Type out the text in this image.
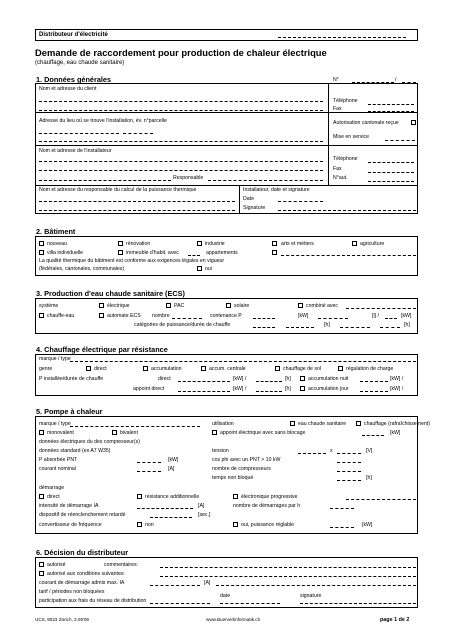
Distributeur d'électricité
Demande de raccordement pour production de chaleur électrique
(chauffage, eau chaude sanitaire)
1. Données générales	N°	/
Nom et adresse du client
Téléphone
Fax
Adresse du lieu où se trouve l'installation, év. n°parcelle	Autorisation cantonale reçue
Mise en service
Nom et adresse de l'installateur
Responsable
Téléphone
Fax
N°aut.
Nom et adresse du responsable du calcul de la puissance thermique	Installateur, date et signature
Date
Signature
2. Bâtiment
nouveau	rénovation	industrie	arts et métiers	agriculture
villa individuelle	immeuble d'habit. avec	appartements
La qualité thermique du bâtiment est conforme aux exigences légales en vigueur
(fédérales, cantonales, communales)	oui
3. Production d'eau chaude sanitaire (ECS)
système	électrique	PAC	solaire	combiné avec
chauffe-eau	automate ECS nombre	contenance P	[kW]	[l] /	[kW]
catégories de puissance/durée de chauffe	[h]	[h]
4. Chauffage électrique par résistance
marque / type
genre	direct	accumulation	accum. centrale	chauffage de sol	régulation de charge
P installée/durée de chauffe	direct	[kW] /	[h]	accumulation nuit	[kW] /
appoint direct	[kW] /	[h]	accumulation jour	[kW] /
5. Pompe à chaleur
marque / type	utilisation	eau chaude sanitaire	chauffage (rafraîchissement)
monovalent	bivalent	appoint électrique avec sans blocage	[kW]
données électriques du des compresseur(s)
données standard (ex A7 W35)	tension	x	[V]
P absorbée PNT	[kW]	cos phi avec un PNT > 10 kW
courant nominal	[A]	nombre de compresseurs
temps non bloqué	[h]
démarrage
direct	résistance additionnelle	électronique progressive
intensité de démarrage IA	[A]	nombre de démarrages par h
dispositif de réenclenchement retardé	[sec.]
convertisseur de fréquence	non	oui, puissance réglable	[kW]
6. Décision du distributeur
autorisé	commentaires:
autorisé aux conditions suivantes:
courant de démarrage admis max. IA	[A]
tarif / périodes non bloquées
date	signature
participation aux frais du réseau de distribution
UCS, 8023 Zürich, 2.05'09	www.Buerverlinformatik.ch	page 1 de 2
